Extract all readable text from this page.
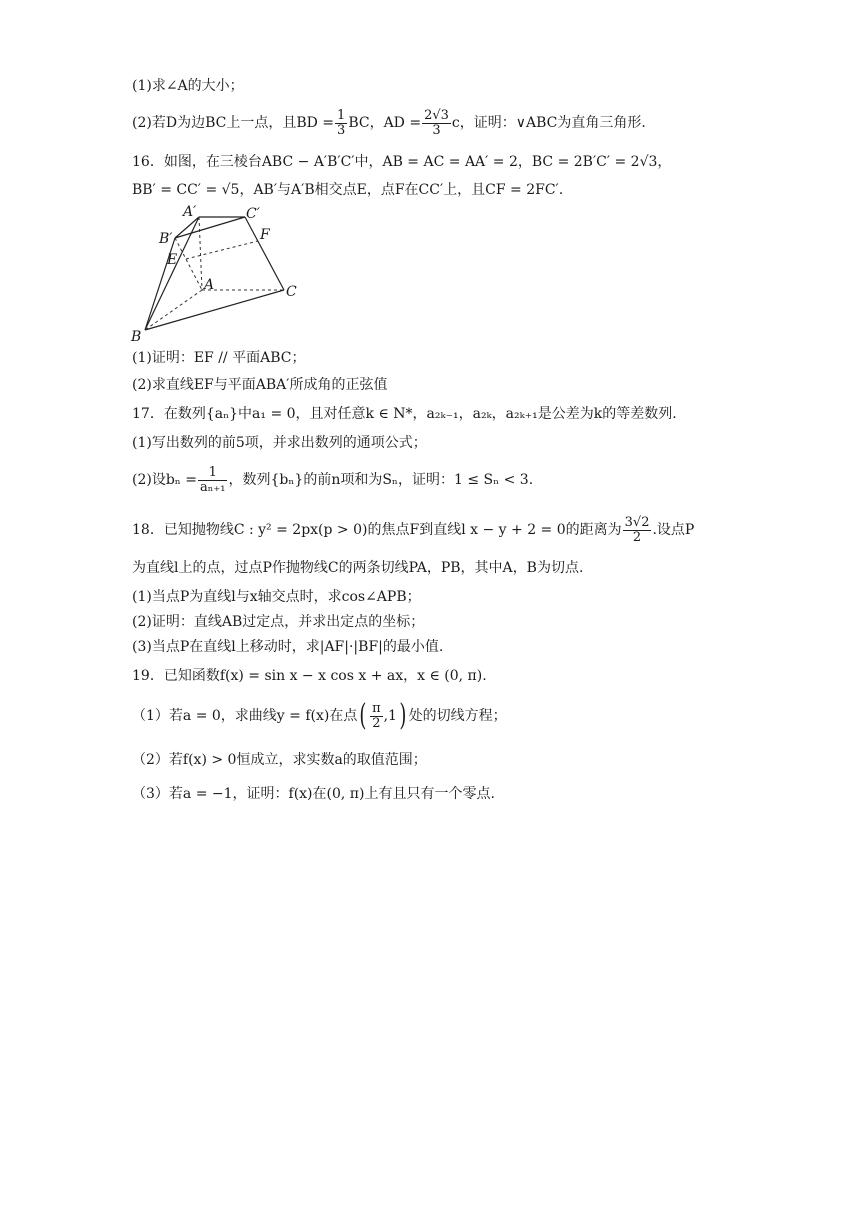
(1)求∠A的大小；
(2)若D为边BC上一点，且BD = $\frac{1}{3}$ BC，AD = $\frac{2√3}{3}$ c，证明：∨ABC为直角三角形.
16．如图，在三棱台ABC − A′B′C′中，AB = AC = AA′ = 2，BC = 2B′C′ = 2√3，
BB′ = CC′ = √5，AB′与A′B相交点E，点F在CC′上，且CF = 2FC′.
A′	C′
B′	F
E
A	C
B
(1)证明：EF // 平面ABC；
(2)求直线EF与平面ABA′所成角的正弦值
17．在数列{aₙ}中a₁ = 0，且对任意k ∈ N*，a₂ₖ₋₁，a₂ₖ，a₂ₖ₊₁是公差为k的等差数列.
(1)写出数列的前5项，并求出数列的通项公式；
(2)设$b_n = \frac{1}{\text{aₙ₊₁}}$ ，数列{bₙ}的前n项和为Sₙ，证明：1 ≤ Sₙ < 3.
18．已知抛物线C : y² = 2px(p > 0)的焦点F到直线l x − y + 2 = 0的距离为 $\frac{3√2}{2}$ .设点P
为直线l上的点，过点P作抛物线C的两条切线PA，PB，其中A，B为切点.
(1)当点P为直线l与x轴交点时，求cos∠APB；
(2)证明：直线AB过定点，并求出定点的坐标；
(3)当点P在直线l上移动时，求|AF|·|BF|的最小值.
19．已知函数f(x) = sin x − x cos x + ax，x ∈ (0, π).
（1）若a = 0，求曲线y = f(x)在点( $\frac{\pi}{2} ,1$) 处的切线方程；
（2）若f(x) > 0恒成立，求实数a的取值范围；
（3）若a = −1，证明：f(x)在(0, π)上有且只有一个零点.
